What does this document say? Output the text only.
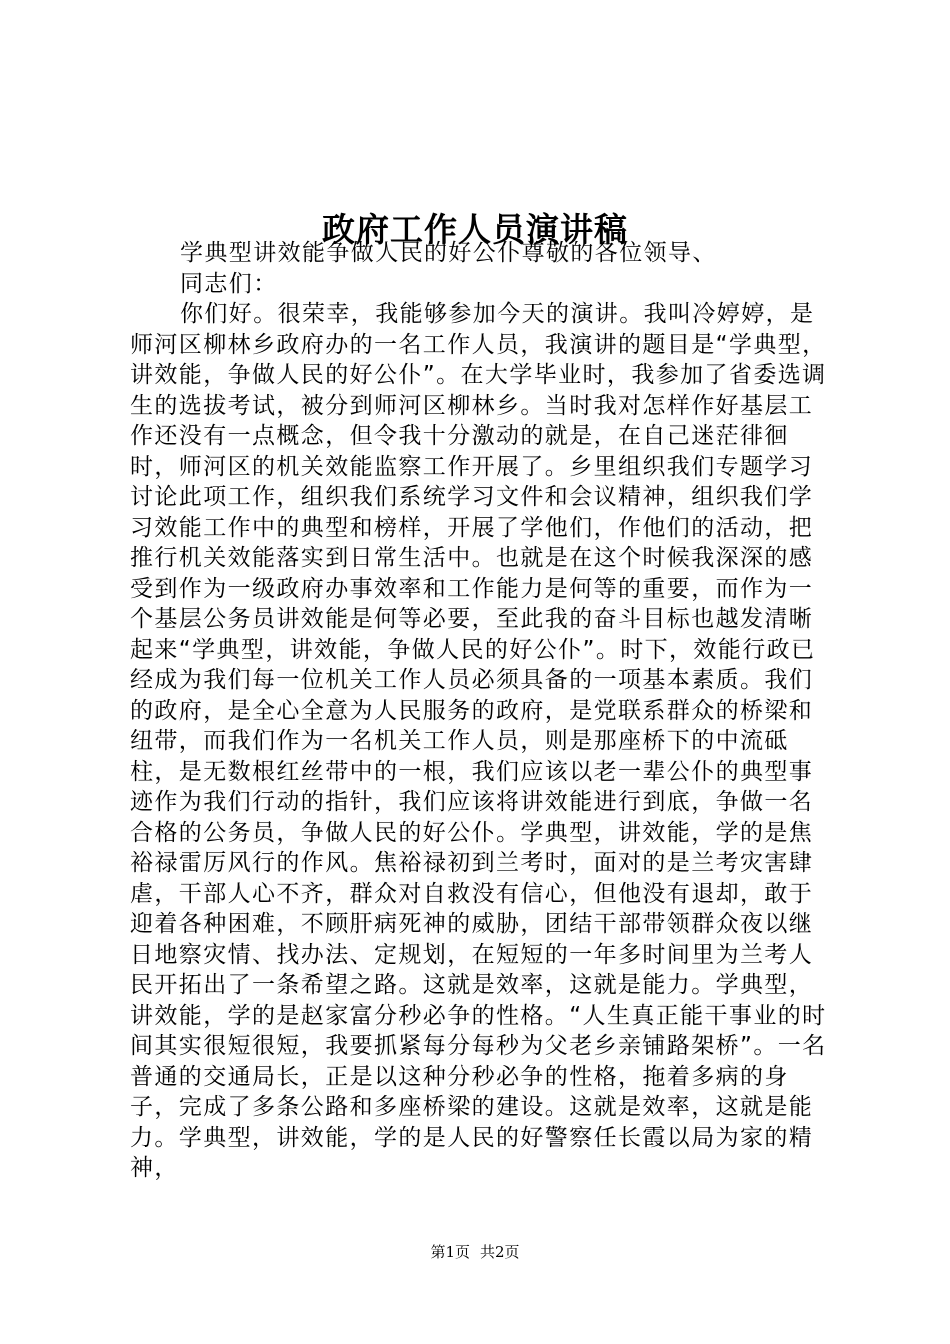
政府工作人员演讲稿

学典型讲效能争做人民的好公仆尊敬的各位领导、

同志们：

你们好。很荣幸，我能够参加今天的演讲。我叫冷婷婷，是师河区柳林乡政府办的一名工作人员，我演讲的题目是“学典型，讲效能，争做人民的好公仆”。在大学毕业时，我参加了省委选调生的选拔考试，被分到师河区柳林乡。当时我对怎样作好基层工作还没有一点概念，但令我十分激动的就是，在自己迷茫徘徊时，师河区的机关效能监察工作开展了。乡里组织我们专题学习讨论此项工作，组织我们系统学习文件和会议精神，组织我们学习效能工作中的典型和榜样，开展了学他们，作他们的活动，把推行机关效能落实到日常生活中。也就是在这个时候我深深的感受到作为一级政府办事效率和工作能力是何等的重要，而作为一个基层公务员讲效能是何等必要，至此我的奋斗目标也越发清晰起来“学典型，讲效能，争做人民的好公仆”。时下，效能行政已经成为我们每一位机关工作人员必须具备的一项基本素质。我们的政府，是全心全意为人民服务的政府，是党联系群众的桥梁和纽带，而我们作为一名机关工作人员，则是那座桥下的中流砥柱，是无数根红丝带中的一根，我们应该以老一辈公仆的典型事迹作为我们行动的指针，我们应该将讲效能进行到底，争做一名合格的公务员，争做人民的好公仆。学典型，讲效能，学的是焦裕禄雷厉风行的作风。焦裕禄初到兰考时，面对的是兰考灾害肆虐，干部人心不齐，群众对自救没有信心，但他没有退却，敢于迎着各种困难，不顾肝病死神的威胁，团结干部带领群众夜以继日地察灾情、找办法、定规划，在短短的一年多时间里为兰考人民开拓出了一条希望之路。这就是效率，这就是能力。学典型，讲效能，学的是赵家富分秒必争的性格。“人生真正能干事业的时间其实很短很短，我要抓紧每分每秒为父老乡亲铺路架桥”。一名普通的交通局长，正是以这种分秒必争的性格，拖着多病的身子，完成了多条公路和多座桥梁的建设。这就是效率，这就是能力。学典型，讲效能，学的是人民的好警察任长霞以局为家的精神，

第1页 共2页
